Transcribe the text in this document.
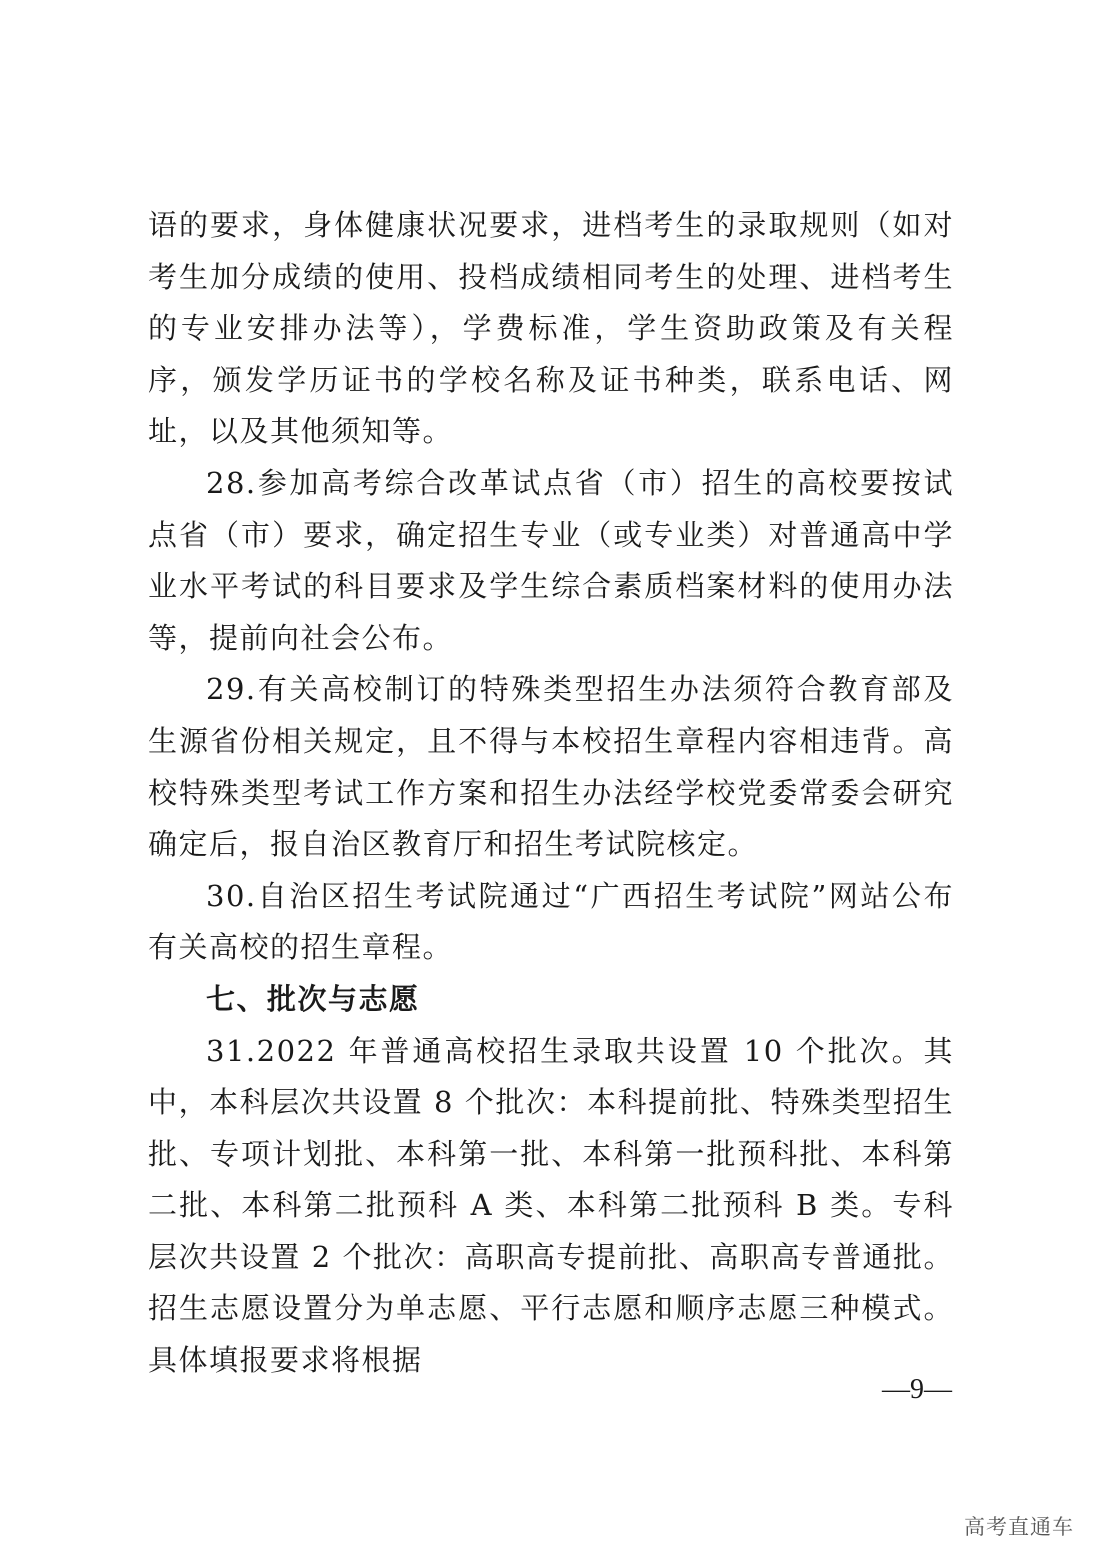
语的要求，身体健康状况要求，进档考生的录取规则（如对考生加分成绩的使用、投档成绩相同考生的处理、进档考生的专业安排办法等），学费标准，学生资助政策及有关程序，颁发学历证书的学校名称及证书种类，联系电话、网址，以及其他须知等。

28.参加高考综合改革试点省（市）招生的高校要按试点省（市）要求，确定招生专业（或专业类）对普通高中学业水平考试的科目要求及学生综合素质档案材料的使用办法等，提前向社会公布。

29.有关高校制订的特殊类型招生办法须符合教育部及生源省份相关规定，且不得与本校招生章程内容相违背。高校特殊类型考试工作方案和招生办法经学校党委常委会研究确定后，报自治区教育厅和招生考试院核定。

30.自治区招生考试院通过“广西招生考试院”网站公布有关高校的招生章程。

七、批次与志愿

31.2022 年普通高校招生录取共设置 10 个批次。其中，本科层次共设置 8 个批次：本科提前批、特殊类型招生批、专项计划批、本科第一批、本科第一批预科批、本科第二批、本科第二批预科 A 类、本科第二批预科 B 类。专科层次共设置 2 个批次：高职高专提前批、高职高专普通批。招生志愿设置分为单志愿、平行志愿和顺序志愿三种模式。具体填报要求将根据

—9—
高考直通车
